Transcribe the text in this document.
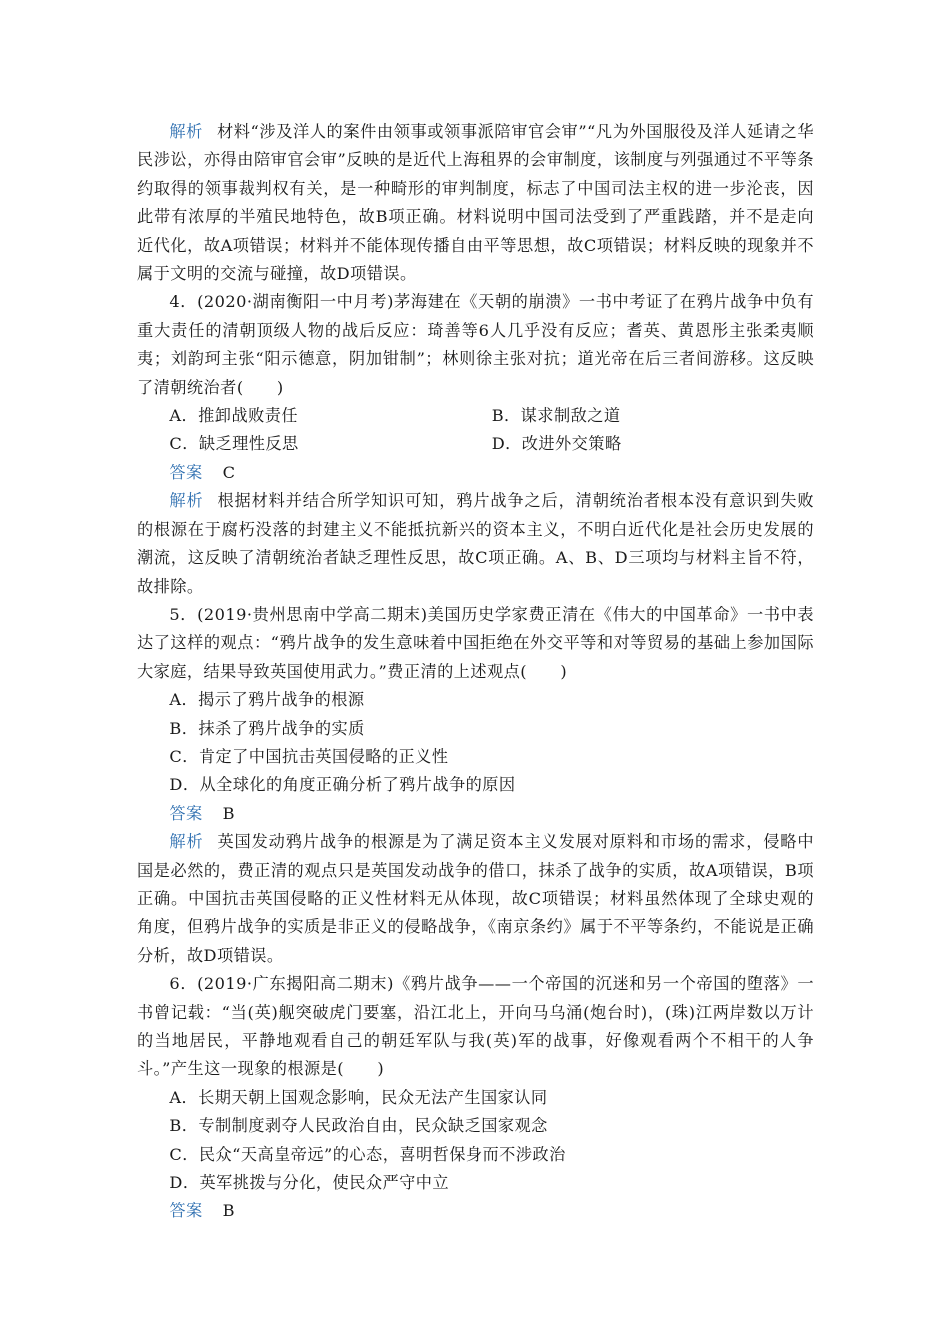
解析 材料“涉及洋人的案件由领事或领事派陪审官会审”“凡为外国服役及洋人延请之华民涉讼，亦得由陪审官会审”反映的是近代上海租界的会审制度，该制度与列强通过不平等条约取得的领事裁判权有关，是一种畸形的审判制度，标志了中国司法主权的进一步沦丧，因此带有浓厚的半殖民地特色，故B项正确。材料说明中国司法受到了严重践踏，并不是走向近代化，故A项错误；材料并不能体现传播自由平等思想，故C项错误；材料反映的现象并不属于文明的交流与碰撞，故D项错误。

4．(2020·湖南衡阳一中月考)茅海建在《天朝的崩溃》一书中考证了在鸦片战争中负有重大责任的清朝顶级人物的战后反应：琦善等6人几乎没有反应；耆英、黄恩彤主张柔夷顺夷；刘韵珂主张“阳示德意，阴加钳制”；林则徐主张对抗；道光帝在后三者间游移。这反映了清朝统治者(　　)

A．推卸战败责任	B．谋求制敌之道
C．缺乏理性反思	D．改进外交策略

答案 C

解析 根据材料并结合所学知识可知，鸦片战争之后，清朝统治者根本没有意识到失败的根源在于腐朽没落的封建主义不能抵抗新兴的资本主义，不明白近代化是社会历史发展的潮流，这反映了清朝统治者缺乏理性反思，故C项正确。A、B、D三项均与材料主旨不符，故排除。

5．(2019·贵州思南中学高二期末)美国历史学家费正清在《伟大的中国革命》一书中表达了这样的观点：“鸦片战争的发生意味着中国拒绝在外交平等和对等贸易的基础上参加国际大家庭，结果导致英国使用武力。”费正清的上述观点(　　)

A．揭示了鸦片战争的根源

B．抹杀了鸦片战争的实质

C．肯定了中国抗击英国侵略的正义性

D．从全球化的角度正确分析了鸦片战争的原因

答案 B

解析 英国发动鸦片战争的根源是为了满足资本主义发展对原料和市场的需求，侵略中国是必然的，费正清的观点只是英国发动战争的借口，抹杀了战争的实质，故A项错误，B项正确。中国抗击英国侵略的正义性材料无从体现，故C项错误；材料虽然体现了全球史观的角度，但鸦片战争的实质是非正义的侵略战争，《南京条约》属于不平等条约，不能说是正确分析，故D项错误。

6．(2019·广东揭阳高二期末)《鸦片战争——一个帝国的沉迷和另一个帝国的堕落》一书曾记载：“当(英)舰突破虎门要塞，沿江北上，开向马乌涌(炮台时)，(珠)江两岸数以万计的当地居民，平静地观看自己的朝廷军队与我(英)军的战事，好像观看两个不相干的人争斗。”产生这一现象的根源是(　　)

A．长期天朝上国观念影响，民众无法产生国家认同

B．专制制度剥夺人民政治自由，民众缺乏国家观念

C．民众“天高皇帝远”的心态，喜明哲保身而不涉政治

D．英军挑拨与分化，使民众严守中立

答案 B
